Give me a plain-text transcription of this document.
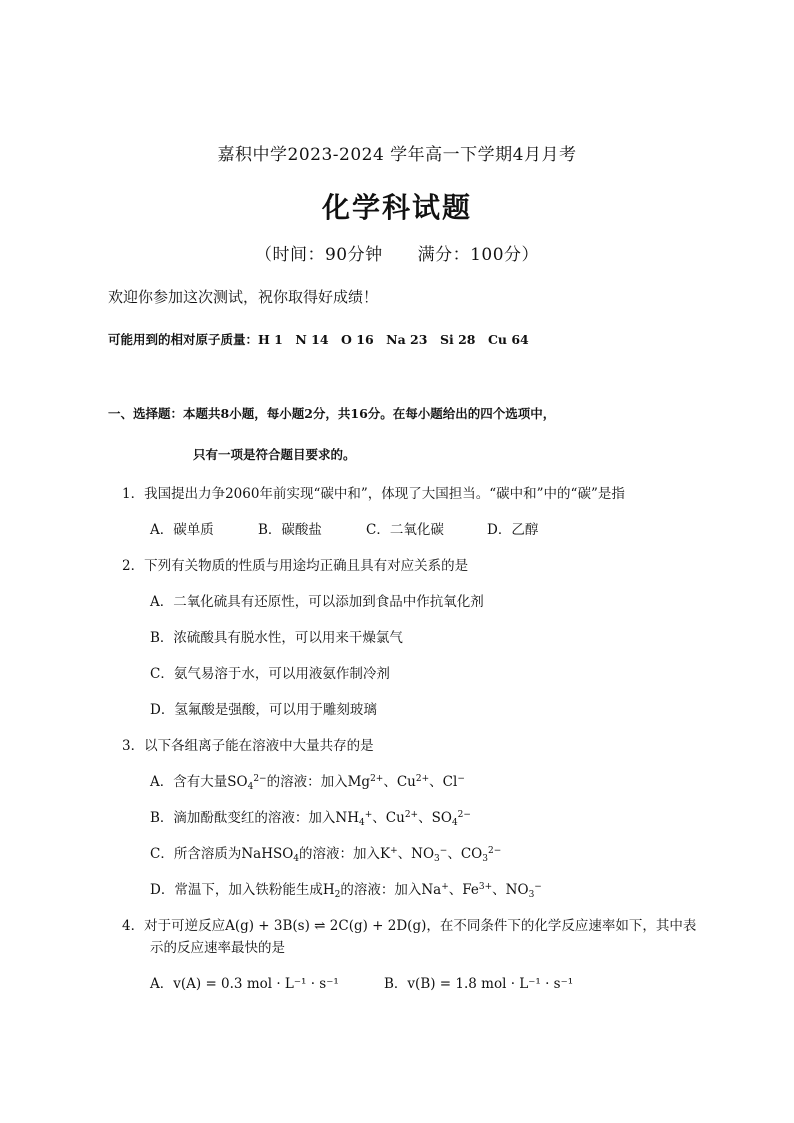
嘉积中学2023-2024 学年高一下学期4月月考
化学科试题
（时间：90分钟　　满分：100分）
欢迎你参加这次测试，祝你取得好成绩！
可能用到的相对原子质量：H 1　N 14　O 16　Na 23　Si 28　Cu 64
一、选择题：本题共8小题，每小题2分，共16分。在每小题给出的四个选项中，
只有一项是符合题目要求的。
1．我国提出力争2060年前实现“碳中和”，体现了大国担当。“碳中和”中的“碳”是指
A．碳单质	B．碳酸盐	C．二氧化碳	D．乙醇
2．下列有关物质的性质与用途均正确且具有对应关系的是
A．二氧化硫具有还原性，可以添加到食品中作抗氧化剂
B．浓硫酸具有脱水性，可以用来干燥氯气
C．氨气易溶于水，可以用液氨作制冷剂
D．氢氟酸是强酸，可以用于雕刻玻璃
3．以下各组离子能在溶液中大量共存的是
A．含有大量$SO_4^{2-}$的溶液：加入$Mg^{2+}$、$Cu^{2+}$、Cl−
B．滴加酚酞变红的溶液：加入$NH_4^+$、$Cu^{2+}$、$SO_4^{2-}$
C．所含溶质为NaHSO$_4$的溶液：加入K+、$NO_3^-$、$CO_3^{2-}$
D．常温下，加入铁粉能生成$H_2$的溶液：加入Na+、$Fe^{3+}$、$NO_3^-$
4．对于可逆反应A(g) + 3B(s) ⇌ 2C(g) + 2D(g)，在不同条件下的化学反应速率如下，其中表
示的反应速率最快的是
A．v(A) = 0.3 mol · L⁻¹ · s⁻¹	B．v(B) = 1.8 mol · L⁻¹ · s⁻¹
